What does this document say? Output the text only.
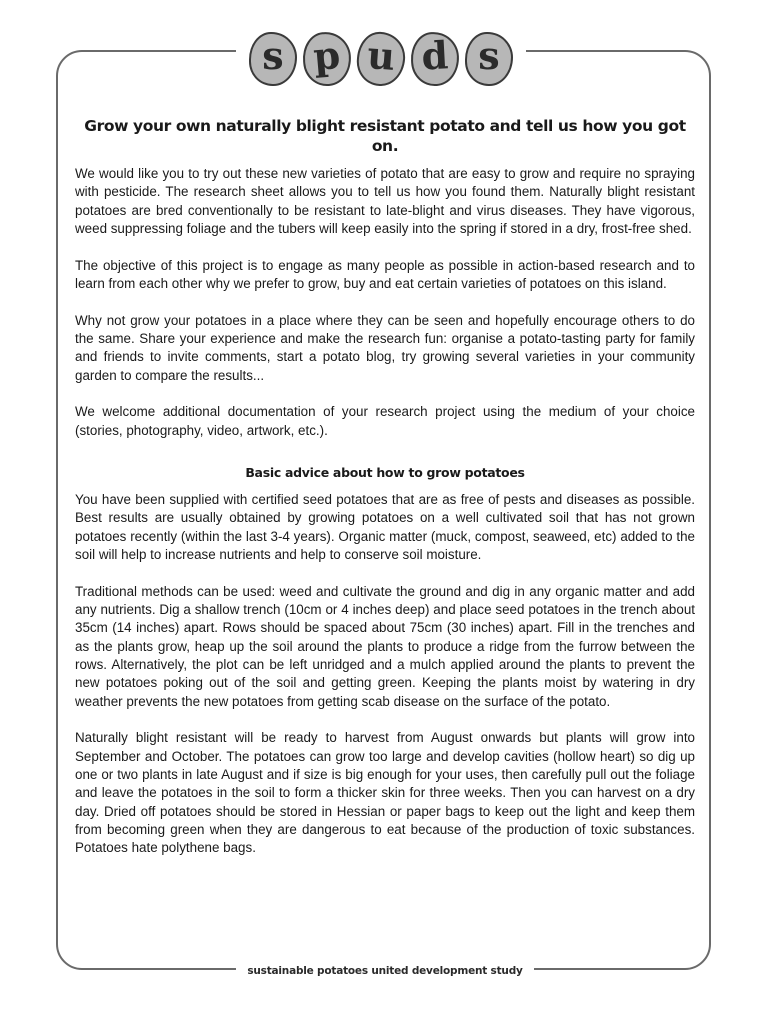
s p u d s
Grow your own naturally blight resistant potato and tell us how you got on.

We would like you to try out these new varieties of potato that are easy to grow and require no spraying with pesticide. The research sheet allows you to tell us how you found them. Naturally blight resistant potatoes are bred conventionally to be resistant to late-blight and virus diseases. They have vigorous, weed suppressing foliage and the tubers will keep easily into the spring if stored in a dry, frost-free shed.

The objective of this project is to engage as many people as possible in action-based research and to learn from each other why we prefer to grow, buy and eat certain varieties of potatoes on this island.

Why not grow your potatoes in a place where they can be seen and hopefully encourage others to do the same. Share your experience and make the research fun: organise a potato-tasting party for family and friends to invite comments, start a potato blog, try growing several varieties in your community garden to compare the results...

We welcome additional documentation of your research project using the medium of your choice (stories, photography, video, artwork, etc.).

Basic advice about how to grow potatoes

You have been supplied with certified seed potatoes that are as free of pests and diseases as possible. Best results are usually obtained by growing potatoes on a well cultivated soil that has not grown potatoes recently (within the last 3-4 years). Organic matter (muck, compost, seaweed, etc) added to the soil will help to increase nutrients and help to conserve soil moisture.

Traditional methods can be used: weed and cultivate the ground and dig in any organic matter and add any nutrients. Dig a shallow trench (10cm or 4 inches deep) and place seed potatoes in the trench about 35cm (14 inches) apart. Rows should be spaced about 75cm (30 inches) apart. Fill in the trenches and as the plants grow, heap up the soil around the plants to produce a ridge from the furrow between the rows. Alternatively, the plot can be left unridged and a mulch applied around the plants to prevent the new potatoes poking out of the soil and getting green. Keeping the plants moist by watering in dry weather prevents the new potatoes from getting scab disease on the surface of the potato.

Naturally blight resistant will be ready to harvest from August onwards but plants will grow into September and October. The potatoes can grow too large and develop cavities (hollow heart) so dig up one or two plants in late August and if size is big enough for your uses, then carefully pull out the foliage and leave the potatoes in the soil to form a thicker skin for three weeks. Then you can harvest on a dry day. Dried off potatoes should be stored in Hessian or paper bags to keep out the light and keep them from becoming green when they are dangerous to eat because of the production of toxic substances. Potatoes hate polythene bags.

sustainable potatoes united development study
